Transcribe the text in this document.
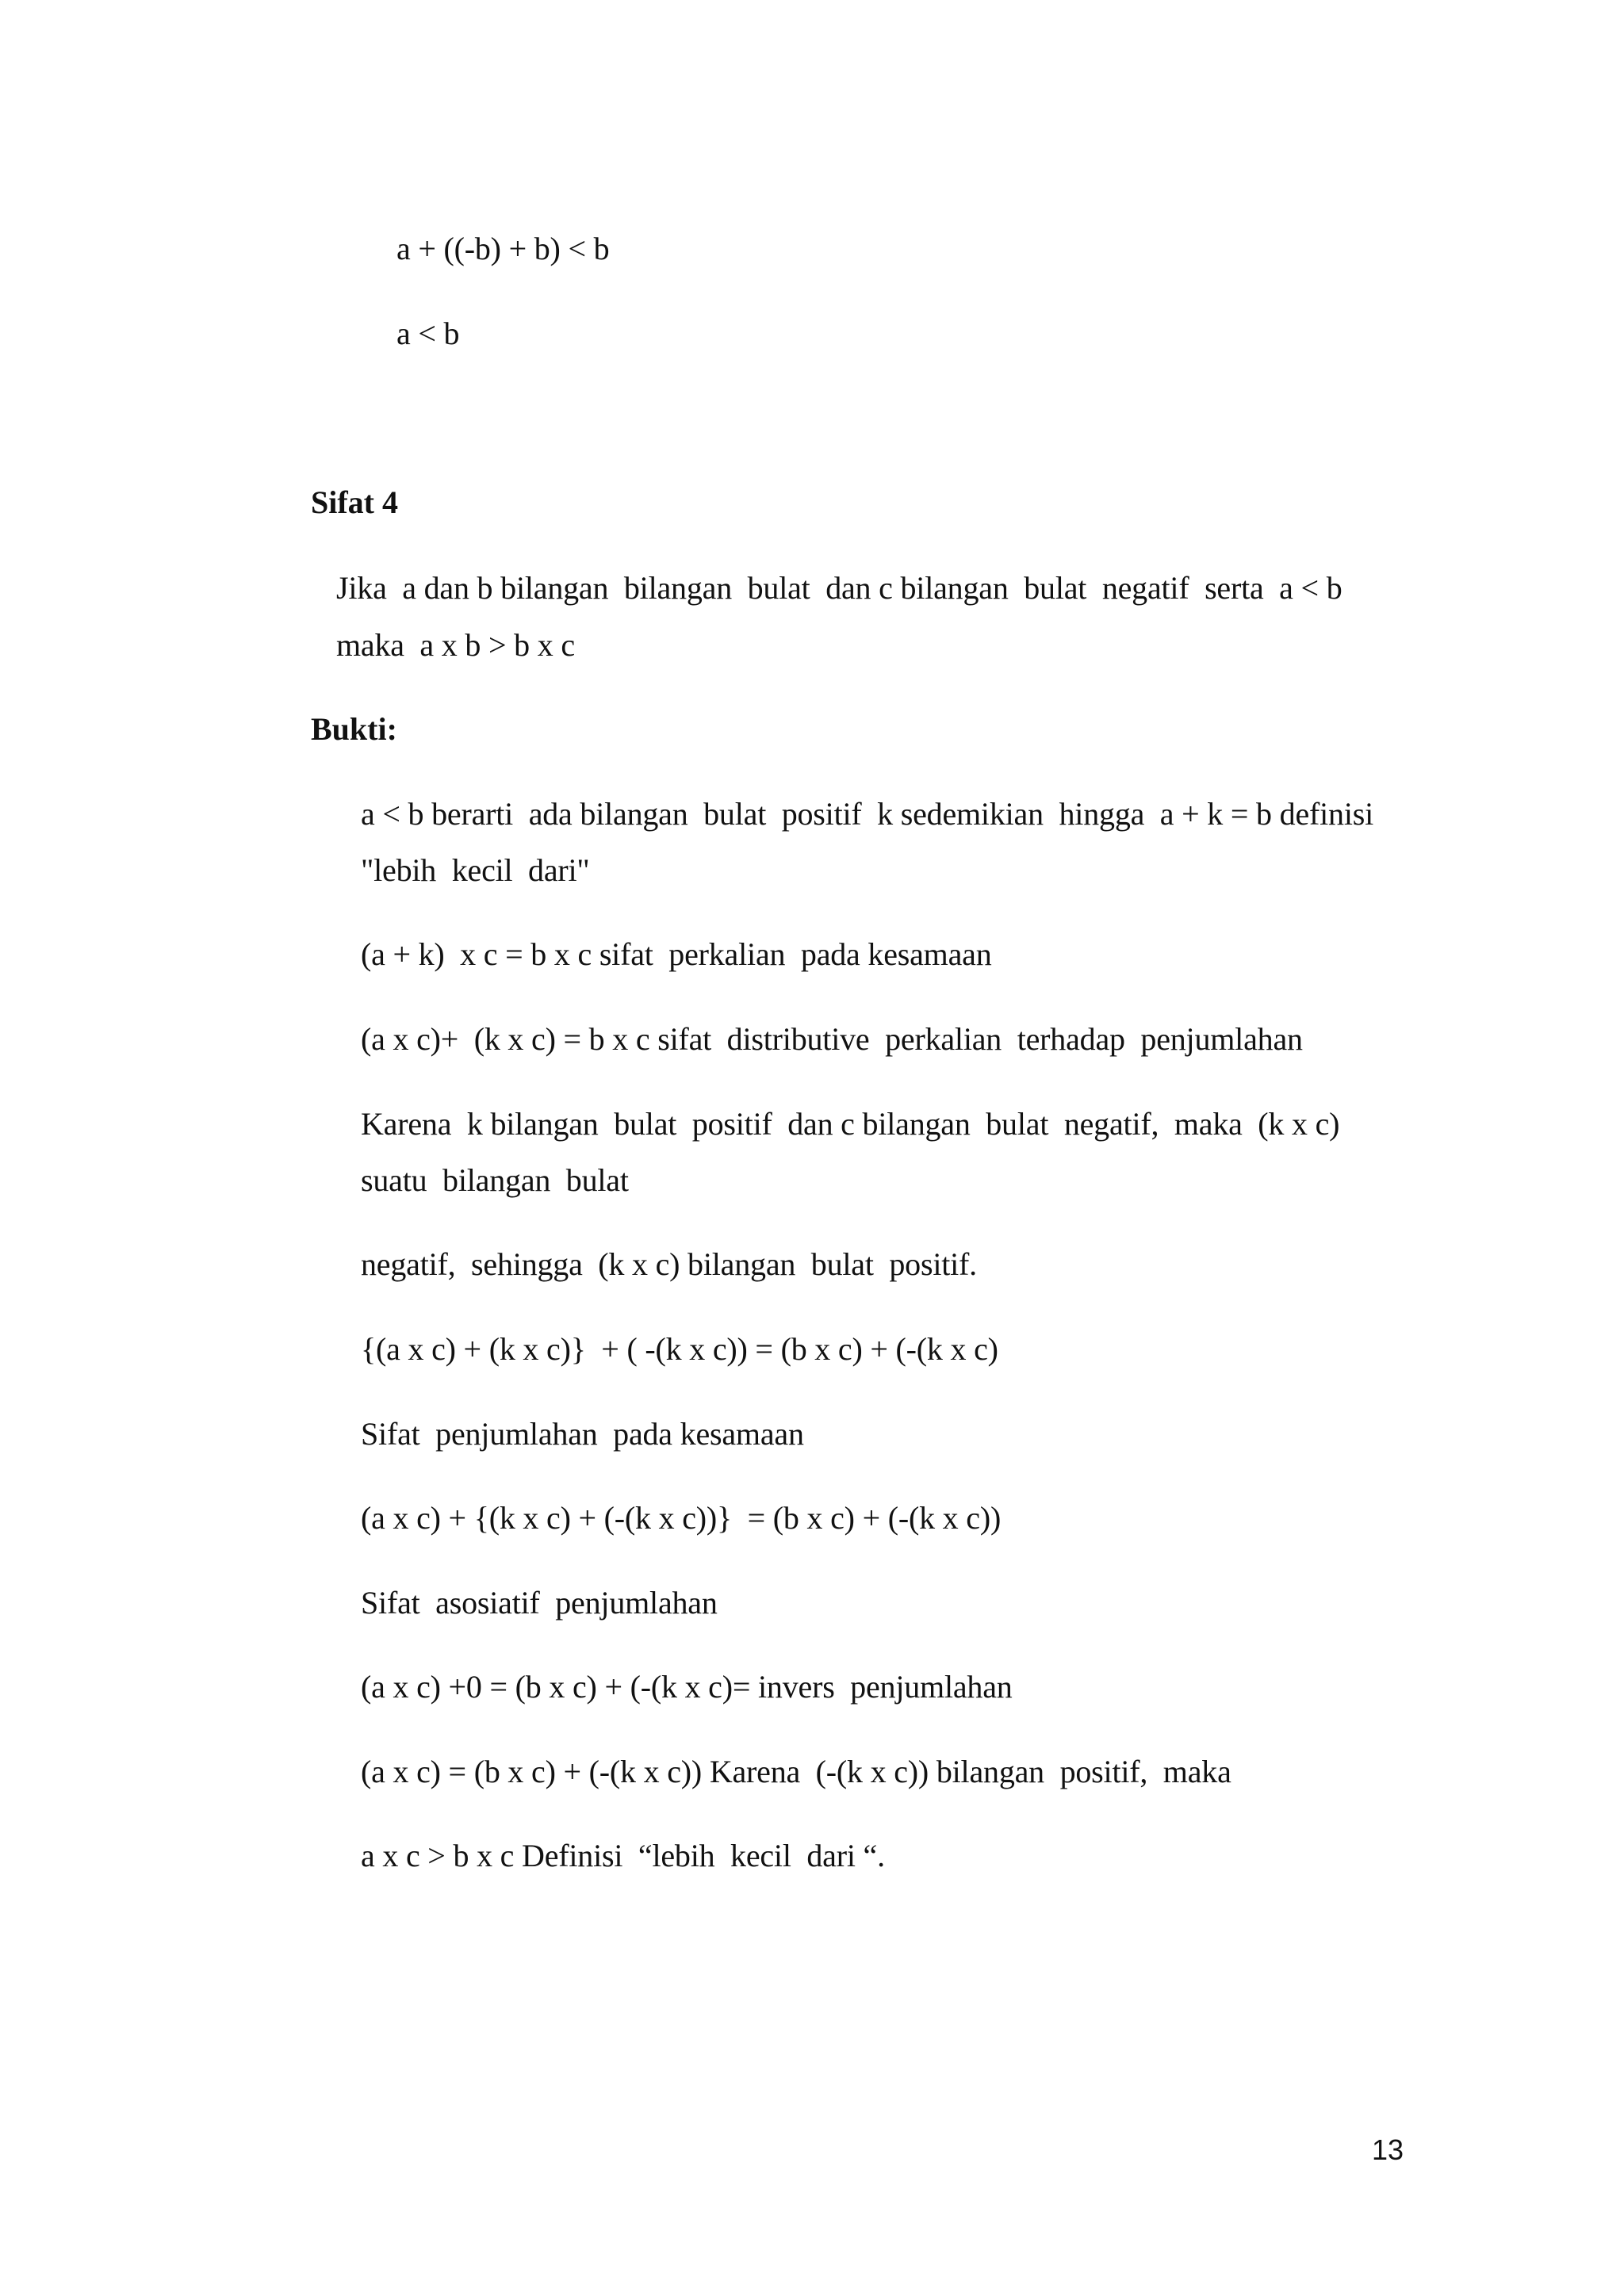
a + ((-b) + b) < b
a < b
Sifat 4
Jika  a dan b bilangan  bilangan  bulat  dan c bilangan  bulat  negatif  serta  a < b
maka  a x b > b x c
Bukti:
a < b berarti  ada bilangan  bulat  positif  k sedemikian  hingga  a + k = b definisi
"lebih  kecil  dari"
(a + k)  x c = b x c sifat  perkalian  pada kesamaan
(a x c)+  (k x c) = b x c sifat  distributive  perkalian  terhadap  penjumlahan
Karena  k bilangan  bulat  positif  dan c bilangan  bulat  negatif,  maka  (k x c)
suatu  bilangan  bulat
negatif,  sehingga  (k x c) bilangan  bulat  positif.
{(a x c) + (k x c)}  + ( -(k x c)) = (b x c) + (-(k x c)
Sifat  penjumlahan  pada kesamaan
(a x c) + {(k x c) + (-(k x c))}  = (b x c) + (-(k x c))
Sifat  asosiatif  penjumlahan
(a x c) +0 = (b x c) + (-(k x c)= invers  penjumlahan
(a x c) = (b x c) + (-(k x c)) Karena  (-(k x c)) bilangan  positif,  maka
a x c > b x c Definisi  “lebih  kecil  dari “.
13
